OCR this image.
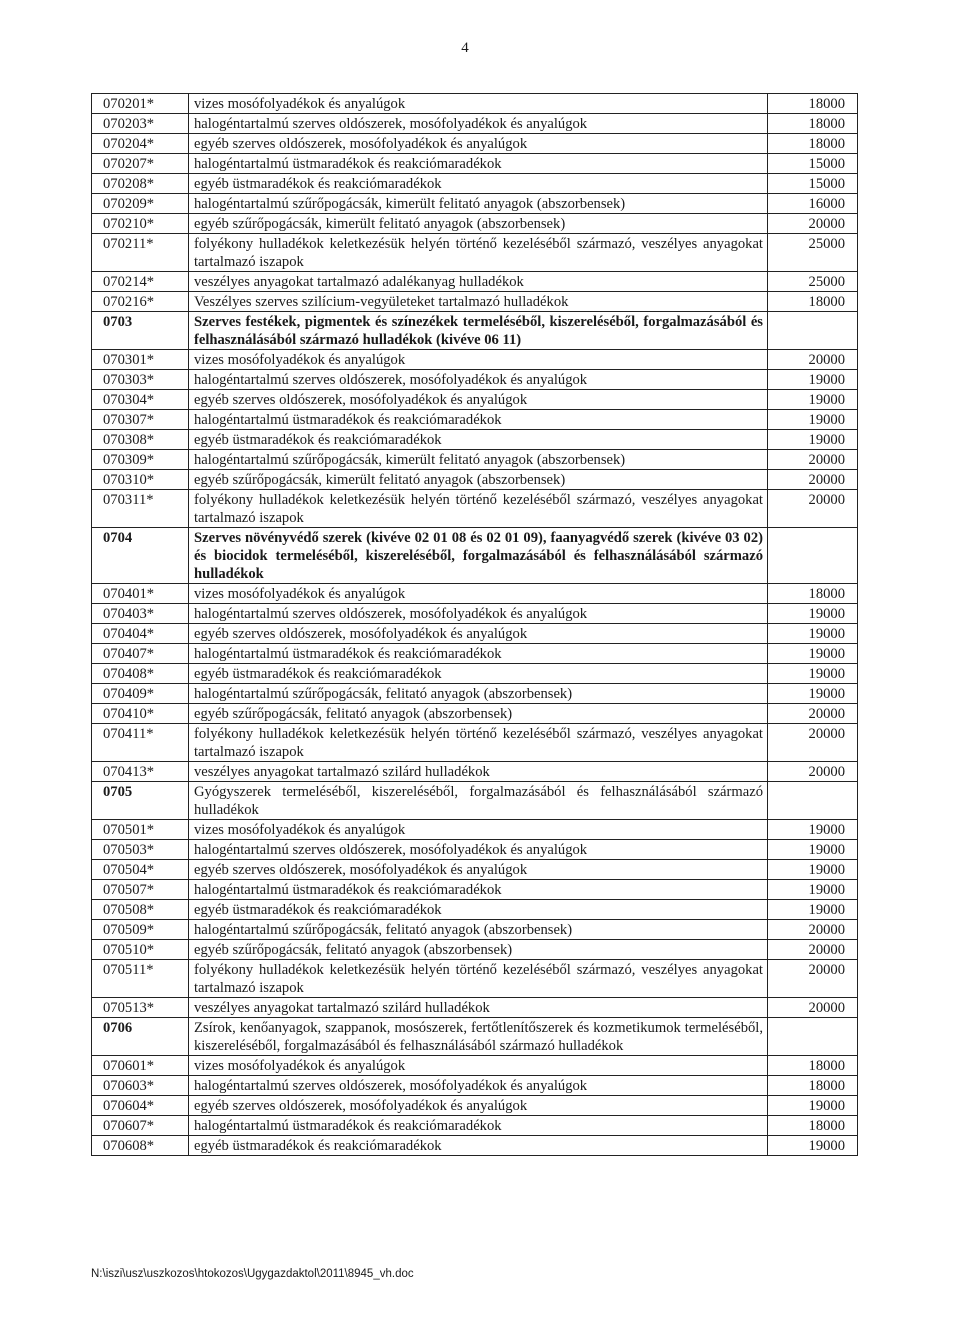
4
070201*	vizes mosófolyadékok és anyalúgok	18000
070203*	halogéntartalmú szerves oldószerek, mosófolyadékok és anyalúgok	18000
070204*	egyéb szerves oldószerek, mosófolyadékok és anyalúgok	18000
070207*	halogéntartalmú üstmaradékok és reakciómaradékok	15000
070208*	egyéb üstmaradékok és reakciómaradékok	15000
070209*	halogéntartalmú szűrőpogácsák, kimerült felitató anyagok (abszorbensek)	16000
070210*	egyéb szűrőpogácsák, kimerült felitató anyagok (abszorbensek)	20000
070211*	folyékony hulladékok keletkezésük helyén történő kezeléséből származó, veszélyes anyagokat tartalmazó iszapok	25000
070214*	veszélyes anyagokat tartalmazó adalékanyag hulladékok	25000
070216*	Veszélyes szerves szilícium-vegyületeket tartalmazó hulladékok	18000
0703	Szerves festékek, pigmentek és színezékek termeléséből, kiszereléséből, forgalmazásából és felhasználásából származó hulladékok (kivéve 06 11)	
070301*	vizes mosófolyadékok és anyalúgok	20000
070303*	halogéntartalmú szerves oldószerek, mosófolyadékok és anyalúgok	19000
070304*	egyéb szerves oldószerek, mosófolyadékok és anyalúgok	19000
070307*	halogéntartalmú üstmaradékok és reakciómaradékok	19000
070308*	egyéb üstmaradékok és reakciómaradékok	19000
070309*	halogéntartalmú szűrőpogácsák, kimerült felitató anyagok (abszorbensek)	20000
070310*	egyéb szűrőpogácsák, kimerült felitató anyagok (abszorbensek)	20000
070311*	folyékony hulladékok keletkezésük helyén történő kezeléséből származó, veszélyes anyagokat tartalmazó iszapok	20000
0704	Szerves növényvédő szerek (kivéve 02 01 08 és 02 01 09), faanyagvédő szerek (kivéve 03 02) és biocidok termeléséből, kiszereléséből, forgalmazásából és felhasználásából származó hulladékok	
070401*	vizes mosófolyadékok és anyalúgok	18000
070403*	halogéntartalmú szerves oldószerek, mosófolyadékok és anyalúgok	19000
070404*	egyéb szerves oldószerek, mosófolyadékok és anyalúgok	19000
070407*	halogéntartalmú üstmaradékok és reakciómaradékok	19000
070408*	egyéb üstmaradékok és reakciómaradékok	19000
070409*	halogéntartalmú szűrőpogácsák, felitató anyagok (abszorbensek)	19000
070410*	egyéb szűrőpogácsák, felitató anyagok (abszorbensek)	20000
070411*	folyékony hulladékok keletkezésük helyén történő kezeléséből származó, veszélyes anyagokat tartalmazó iszapok	20000
070413*	veszélyes anyagokat tartalmazó szilárd hulladékok	20000
0705	Gyógyszerek termeléséből, kiszereléséből, forgalmazásából és felhasználásából származó hulladékok	
070501*	vizes mosófolyadékok és anyalúgok	19000
070503*	halogéntartalmú szerves oldószerek, mosófolyadékok és anyalúgok	19000
070504*	egyéb szerves oldószerek, mosófolyadékok és anyalúgok	19000
070507*	halogéntartalmú üstmaradékok és reakciómaradékok	19000
070508*	egyéb üstmaradékok és reakciómaradékok	19000
070509*	halogéntartalmú szűrőpogácsák, felitató anyagok (abszorbensek)	20000
070510*	egyéb szűrőpogácsák, felitató anyagok (abszorbensek)	20000
070511*	folyékony hulladékok keletkezésük helyén történő kezeléséből származó, veszélyes anyagokat tartalmazó iszapok	20000
070513*	veszélyes anyagokat tartalmazó szilárd hulladékok	20000
0706	Zsírok, kenőanyagok, szappanok, mosószerek, fertőtlenítőszerek és kozmetikumok termeléséből, kiszereléséből, forgalmazásából és felhasználásából származó hulladékok	
070601*	vizes mosófolyadékok és anyalúgok	18000
070603*	halogéntartalmú szerves oldószerek, mosófolyadékok és anyalúgok	18000
070604*	egyéb szerves oldószerek, mosófolyadékok és anyalúgok	19000
070607*	halogéntartalmú üstmaradékok és reakciómaradékok	18000
070608*	egyéb üstmaradékok és reakciómaradékok	19000
N:\iszi\usz\uszkozos\htokozos\Ugygazdaktol\2011\8945_vh.doc
